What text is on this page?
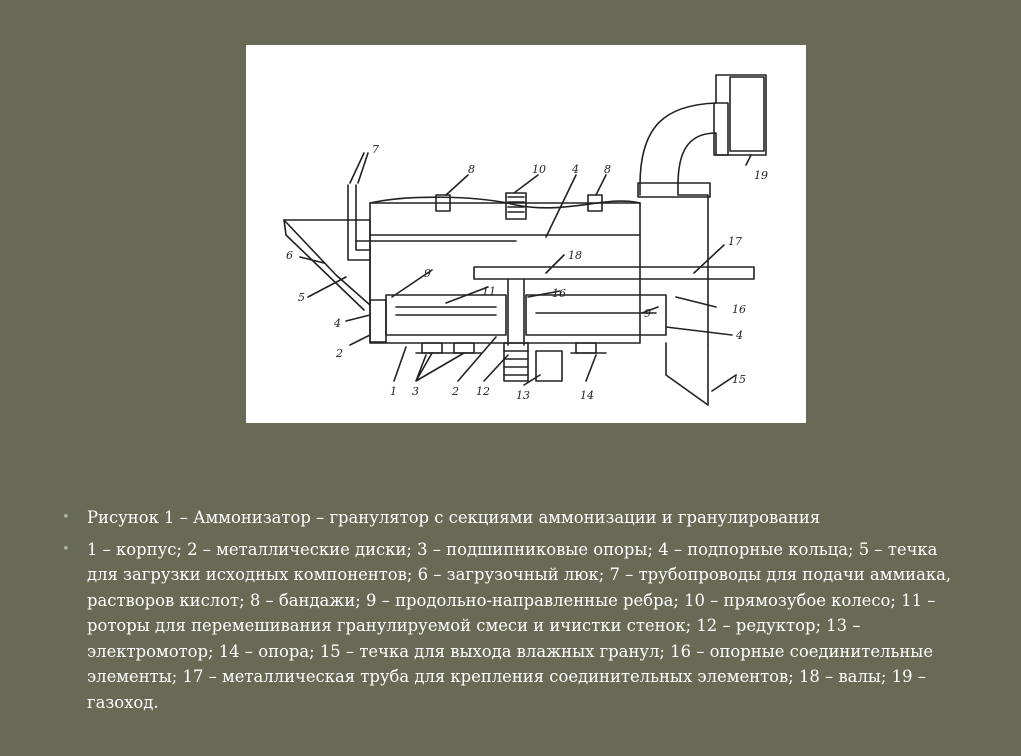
7
8	10 4 8	19
6
5
9
18
17
11	16
16
9
4
4
2
1 3	2 12 13	14
15
• Рисунок 1 – Аммонизатор – гранулятор с секциями аммонизации и гранулирования
• 1 – корпус; 2 – металлические диски; 3 – подшипниковые опоры; 4 – подпорные кольца; 5 – течка для загрузки исходных компонентов; 6 – загрузочный люк; 7 – трубопроводы для подачи аммиака, растворов кислот; 8 – бандажи; 9 – продольно-направленные ребра; 10 – прямозубое колесо; 11 – роторы для перемешивания гранулируемой смеси и ичистки стенок; 12 – редуктор; 13 – электромотор; 14 – опора; 15 – течка для выхода влажных гранул; 16 – опорные соединительные элементы; 17 – металлическая труба для крепления соединительных элементов; 18 – валы; 19 – газоход.
